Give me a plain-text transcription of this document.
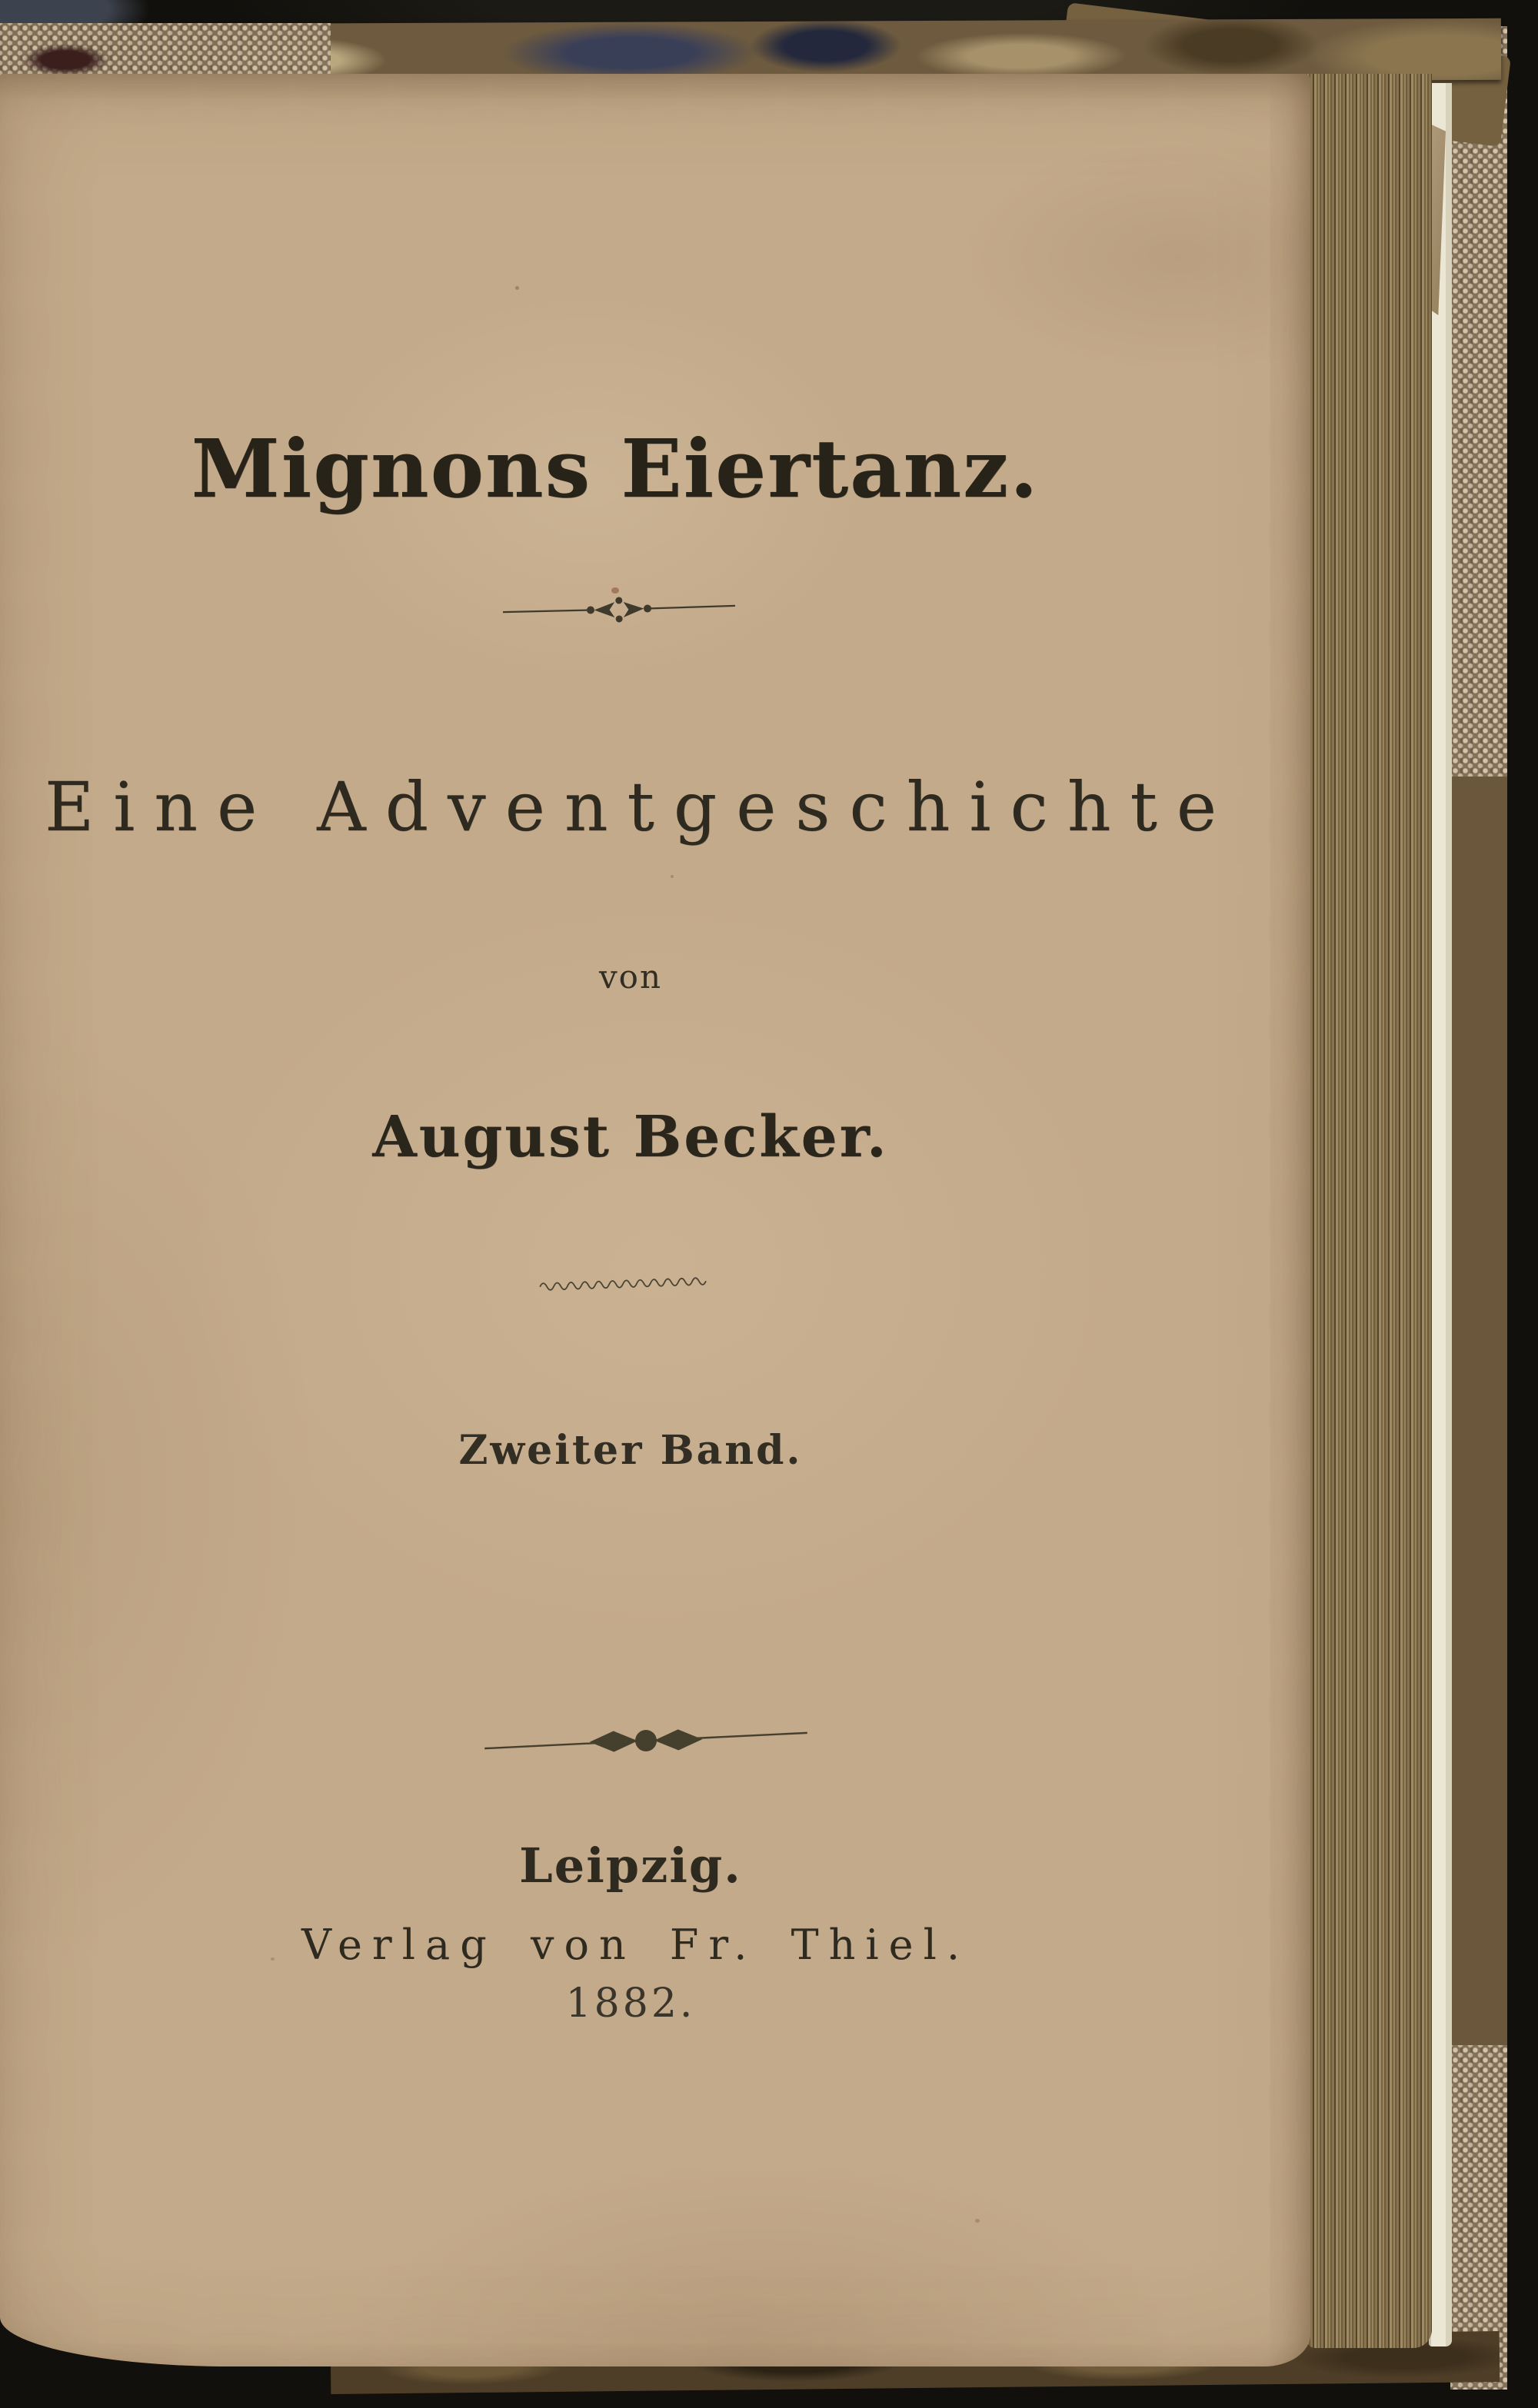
Mignons Eiertanz.
Eine Adventgeschichte
von
August Becker.
Zweiter Band.
Leipzig.
Verlag von Fr. Thiel.
1882.
